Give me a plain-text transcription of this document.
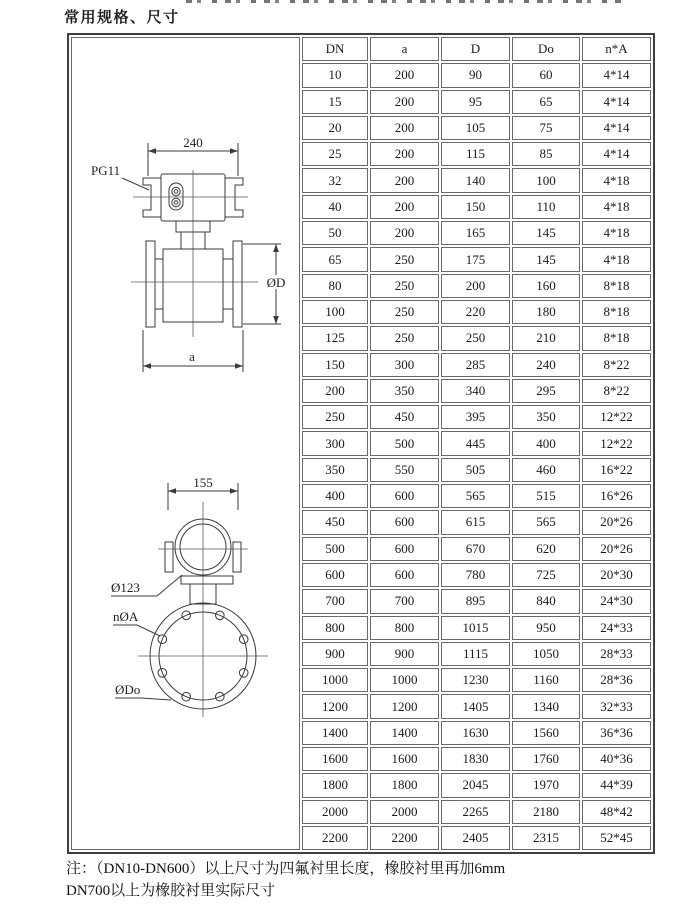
常用规格、尺寸
240
PG11
ØD
a
155
Ø123
nØA
ØDo
	DN	a	D	Do	n*A
	10	200	90	60	4*14
	15	200	95	65	4*14
	20	200	105	75	4*14
	25	200	115	85	4*14
	32	200	140	100	4*18
	40	200	150	110	4*18
	50	200	165	145	4*18
	65	250	175	145	4*18
	80	250	200	160	8*18
	100	250	220	180	8*18
	125	250	250	210	8*18
	150	300	285	240	8*22
	200	350	340	295	8*22
	250	450	395	350	12*22
	300	500	445	400	12*22
	350	550	505	460	16*22
	400	600	565	515	16*26
	450	600	615	565	20*26
	500	600	670	620	20*26
	600	600	780	725	20*30
	700	700	895	840	24*30
	800	800	1015	950	24*33
	900	900	1115	1050	28*33
	1000	1000	1230	1160	28*36
	1200	1200	1405	1340	32*33
	1400	1400	1630	1560	36*36
	1600	1600	1830	1760	40*36
	1800	1800	2045	1970	44*39
	2000	2000	2265	2180	48*42
	2200	2200	2405	2315	52*45
注：（DN10-DN600）以上尺寸为四氟衬里长度，橡胶衬里再加6mm
DN700以上为橡胶衬里实际尺寸
